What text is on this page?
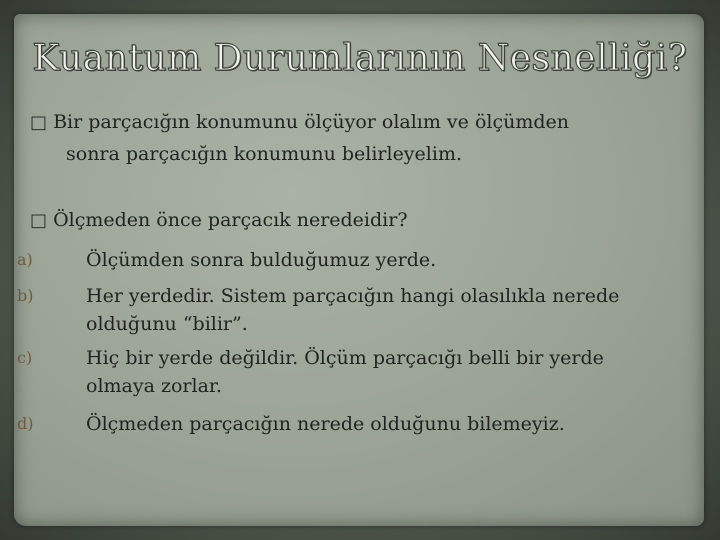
Kuantum Durumlarının Nesnelliği?
□ Bir parçacığın konumunu ölçüyor olalım ve ölçümden
sonra parçacığın konumunu belirleyelim.
□ Ölçmeden önce parçacık neredeidir?
a)	Ölçümden sonra bulduğumuz yerde.
b)	Her yerdedir. Sistem parçacığın hangi olasılıkla nerede
olduğunu “bilir”.
c)	Hiç bir yerde değildir. Ölçüm parçacığı belli bir yerde
olmaya zorlar.
d)	Ölçmeden parçacığın nerede olduğunu bilemeyiz.
